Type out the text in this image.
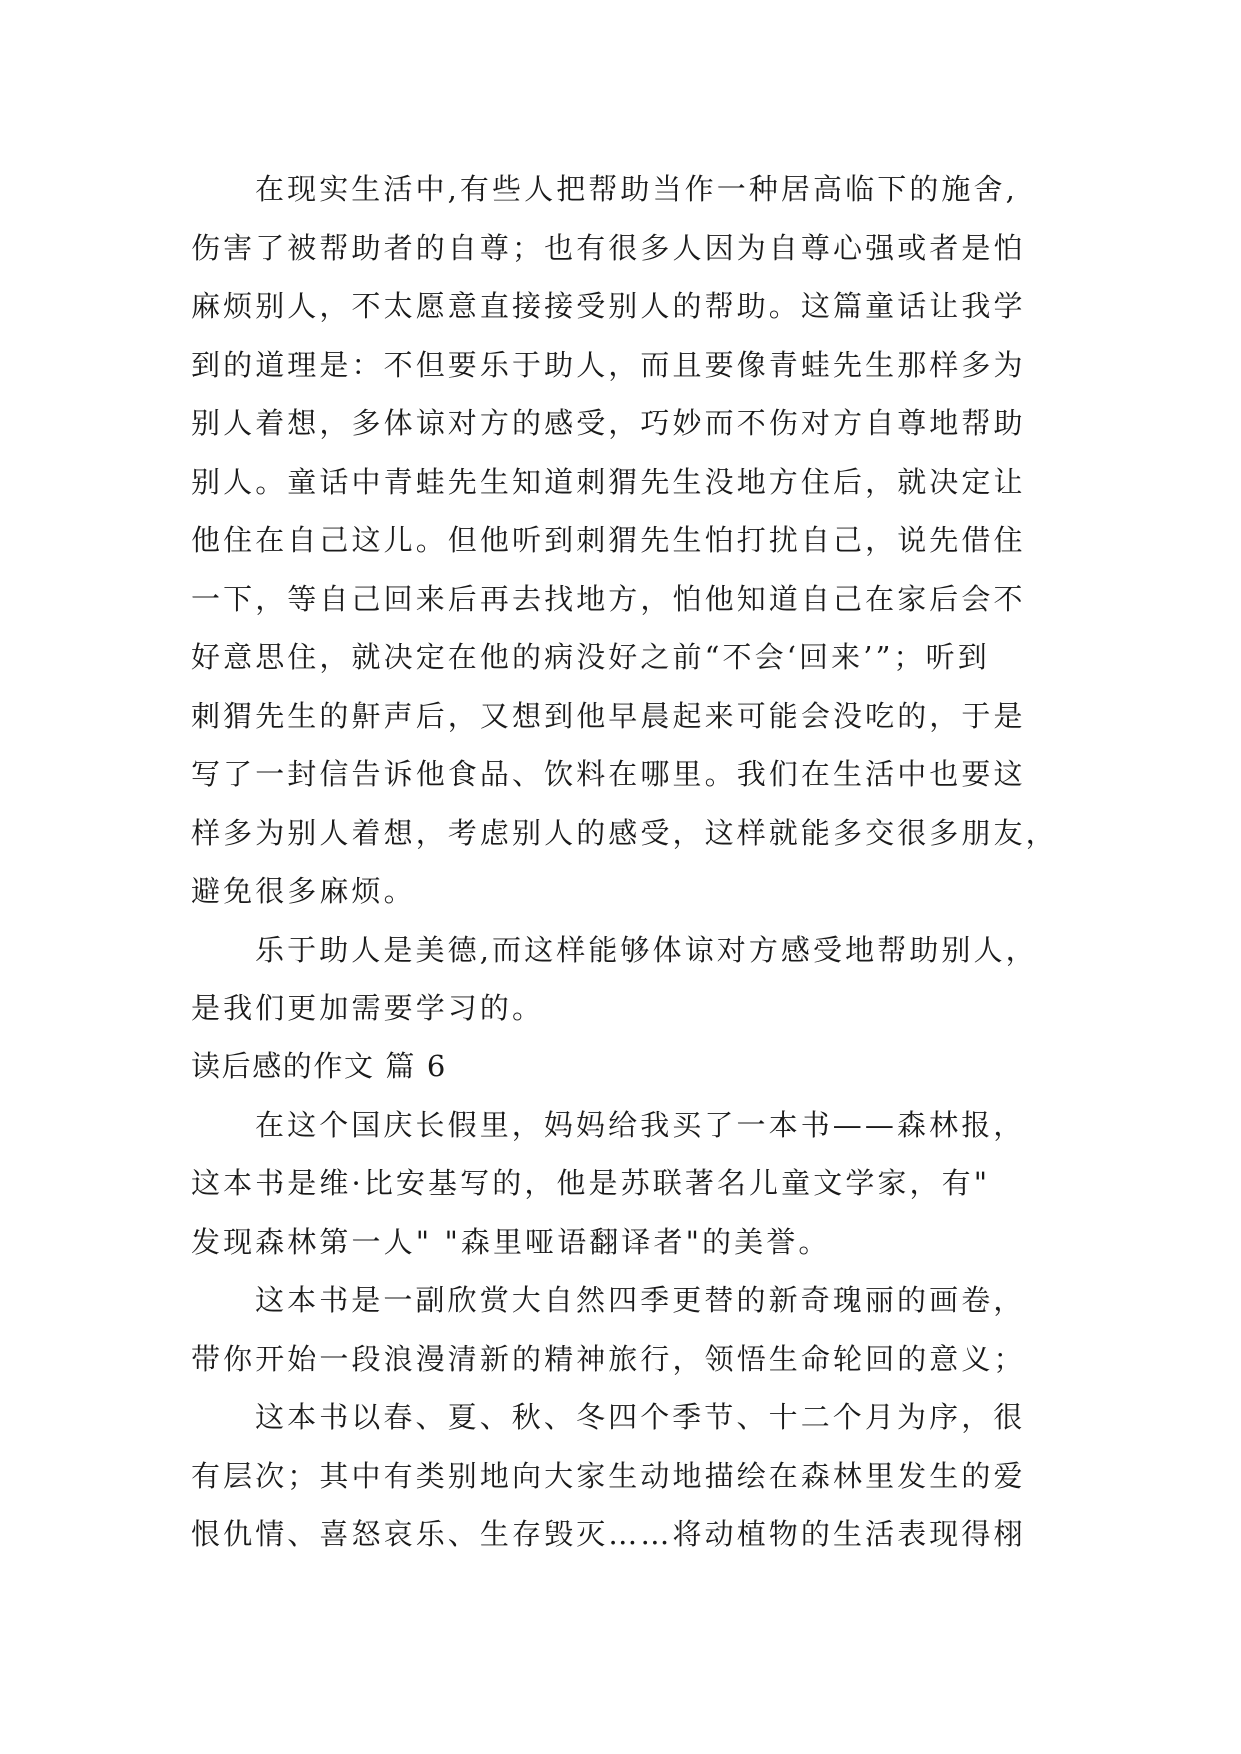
在现实生活中,有些人把帮助当作一种居高临下的施舍,
伤害了被帮助者的自尊；也有很多人因为自尊心强或者是怕
麻烦别人，不太愿意直接接受别人的帮助。这篇童话让我学
到的道理是：不但要乐于助人，而且要像青蛙先生那样多为
别人着想，多体谅对方的感受，巧妙而不伤对方自尊地帮助
别人。童话中青蛙先生知道刺猬先生没地方住后，就决定让
他住在自己这儿。但他听到刺猬先生怕打扰自己，说先借住
一下，等自己回来后再去找地方，怕他知道自己在家后会不
好意思住，就决定在他的病没好之前“不会‘回来’”；听到
刺猬先生的鼾声后，又想到他早晨起来可能会没吃的，于是
写了一封信告诉他食品、饮料在哪里。我们在生活中也要这
样多为别人着想，考虑别人的感受，这样就能多交很多朋友，
避免很多麻烦。
乐于助人是美德,而这样能够体谅对方感受地帮助别人，
是我们更加需要学习的。
读后感的作文 篇 6
在这个国庆长假里，妈妈给我买了一本书——森林报，
这本书是维·比安基写的，他是苏联著名儿童文学家，有"
发现森林第一人" "森里哑语翻译者"的美誉。
这本书是一副欣赏大自然四季更替的新奇瑰丽的画卷，
带你开始一段浪漫清新的精神旅行，领悟生命轮回的意义；
这本书以春、夏、秋、冬四个季节、十二个月为序，很
有层次；其中有类别地向大家生动地描绘在森林里发生的爱
恨仇情、喜怒哀乐、生存毁灭……将动植物的生活表现得栩
